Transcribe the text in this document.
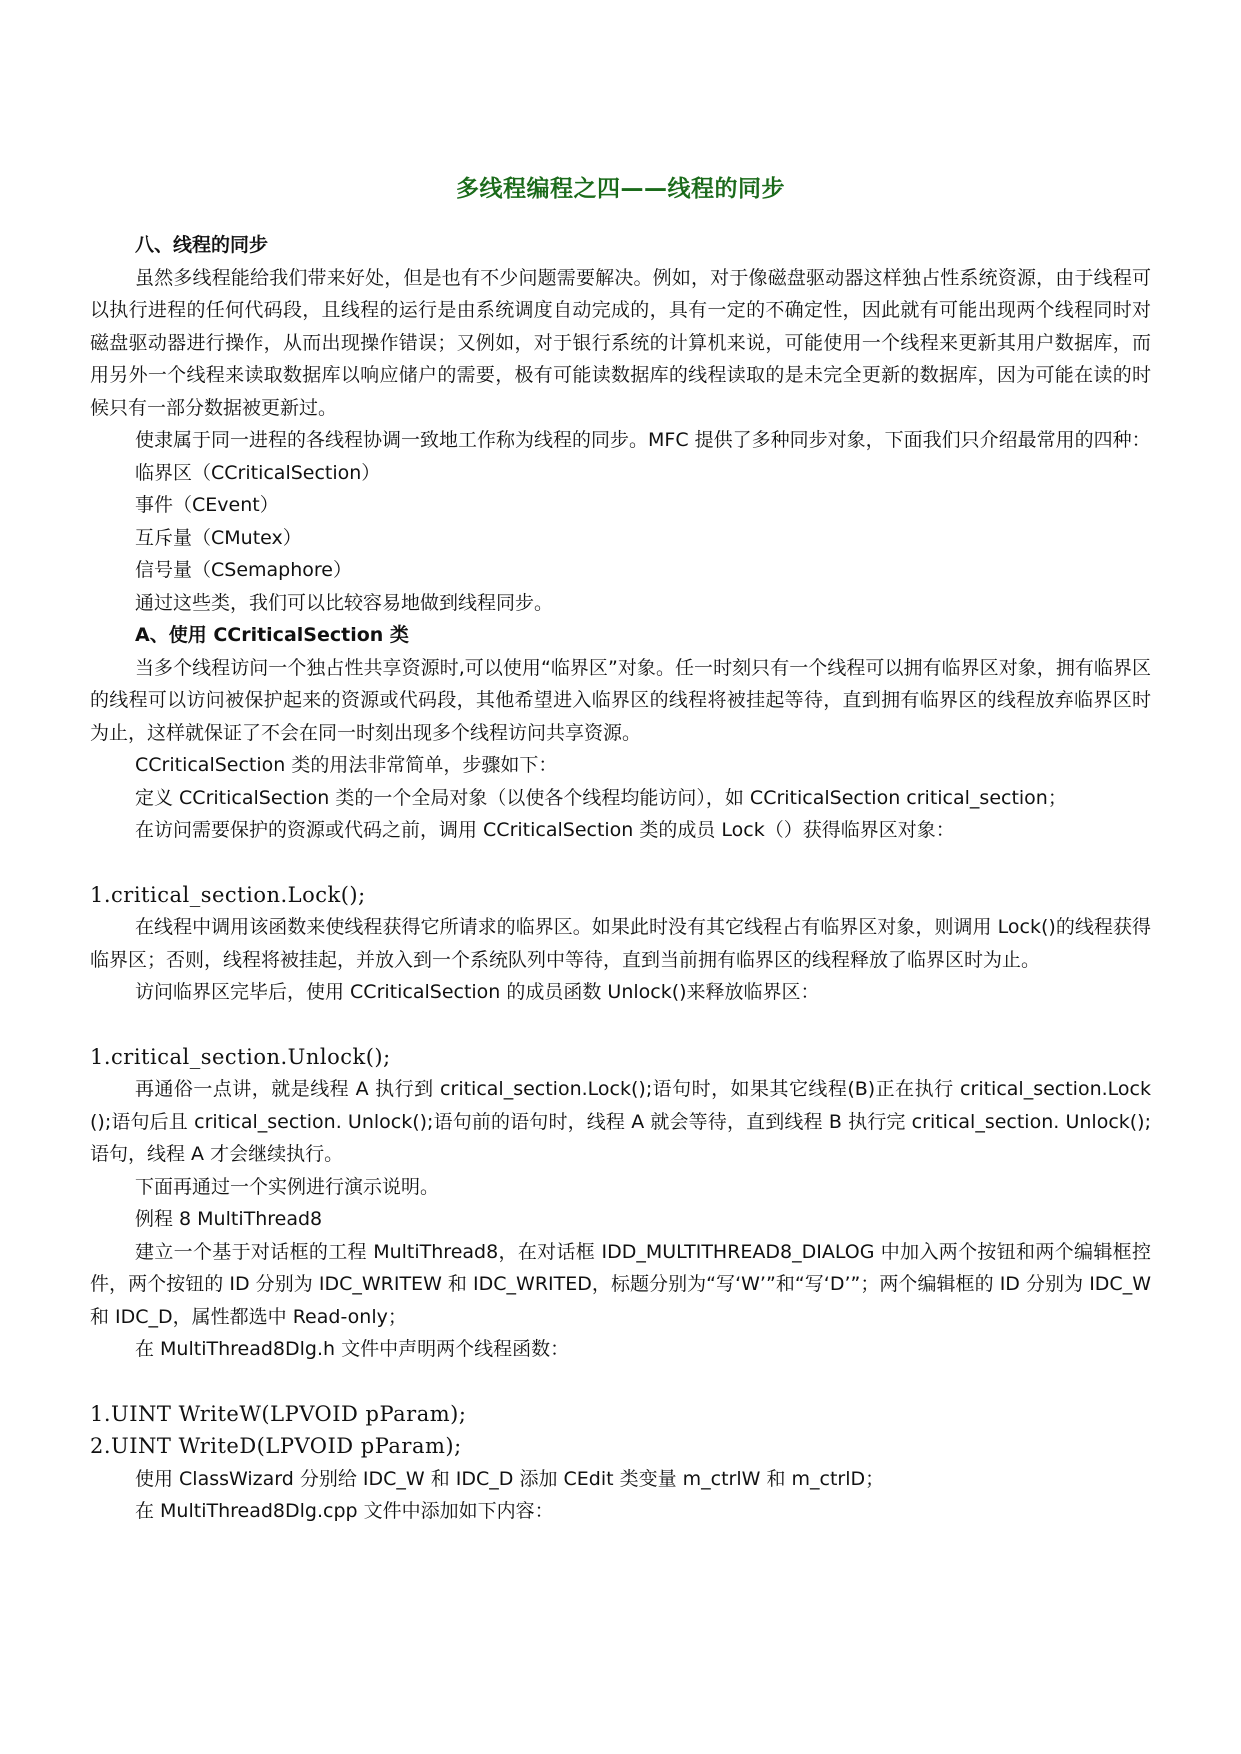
多线程编程之四——线程的同步
八、线程的同步

虽然多线程能给我们带来好处，但是也有不少问题需要解决。例如，对于像磁盘驱动器这样独占性系统资源，由于线程可以执行进程的任何代码段，且线程的运行是由系统调度自动完成的，具有一定的不确定性，因此就有可能出现两个线程同时对磁盘驱动器进行操作，从而出现操作错误；又例如，对于银行系统的计算机来说，可能使用一个线程来更新其用户数据库，而用另外一个线程来读取数据库以响应储户的需要，极有可能读数据库的线程读取的是未完全更新的数据库，因为可能在读的时候只有一部分数据被更新过。

使隶属于同一进程的各线程协调一致地工作称为线程的同步。MFC 提供了多种同步对象，下面我们只介绍最常用的四种：

临界区（CCriticalSection）
事件（CEvent）
互斥量（CMutex）
信号量（CSemaphore）

通过这些类，我们可以比较容易地做到线程同步。

A、使用 CCriticalSection 类

当多个线程访问一个独占性共享资源时,可以使用“临界区”对象。任一时刻只有一个线程可以拥有临界区对象，拥有临界区的线程可以访问被保护起来的资源或代码段，其他希望进入临界区的线程将被挂起等待，直到拥有临界区的线程放弃临界区时为止，这样就保证了不会在同一时刻出现多个线程访问共享资源。

CCriticalSection 类的用法非常简单，步骤如下：

定义 CCriticalSection 类的一个全局对象（以使各个线程均能访问），如 CCriticalSection critical_section；

在访问需要保护的资源或代码之前，调用 CCriticalSection 类的成员 Lock（）获得临界区对象：

1.critical_section.Lock();

在线程中调用该函数来使线程获得它所请求的临界区。如果此时没有其它线程占有临界区对象，则调用 Lock()的线程获得临界区；否则，线程将被挂起，并放入到一个系统队列中等待，直到当前拥有临界区的线程释放了临界区时为止。

访问临界区完毕后，使用 CCriticalSection 的成员函数 Unlock()来释放临界区：

1.critical_section.Unlock();

再通俗一点讲，就是线程 A 执行到 critical_section.Lock();语句时，如果其它线程(B)正在执行 critical_section.Lock();语句后且 critical_section. Unlock();语句前的语句时，线程 A 就会等待，直到线程 B 执行完 critical_section. Unlock();语句，线程 A 才会继续执行。

下面再通过一个实例进行演示说明。

例程 8 MultiThread8

建立一个基于对话框的工程 MultiThread8，在对话框 IDD_MULTITHREAD8_DIALOG 中加入两个按钮和两个编辑框控件，两个按钮的 ID 分别为 IDC_WRITEW 和 IDC_WRITED，标题分别为“写‘W’”和“写‘D’”；两个编辑框的 ID 分别为 IDC_W 和 IDC_D，属性都选中 Read-only；

在 MultiThread8Dlg.h 文件中声明两个线程函数：

1.UINT WriteW(LPVOID pParam);
2.UINT WriteD(LPVOID pParam);

使用 ClassWizard 分别给 IDC_W 和 IDC_D 添加 CEdit 类变量 m_ctrlW 和 m_ctrlD；

在 MultiThread8Dlg.cpp 文件中添加如下内容：
